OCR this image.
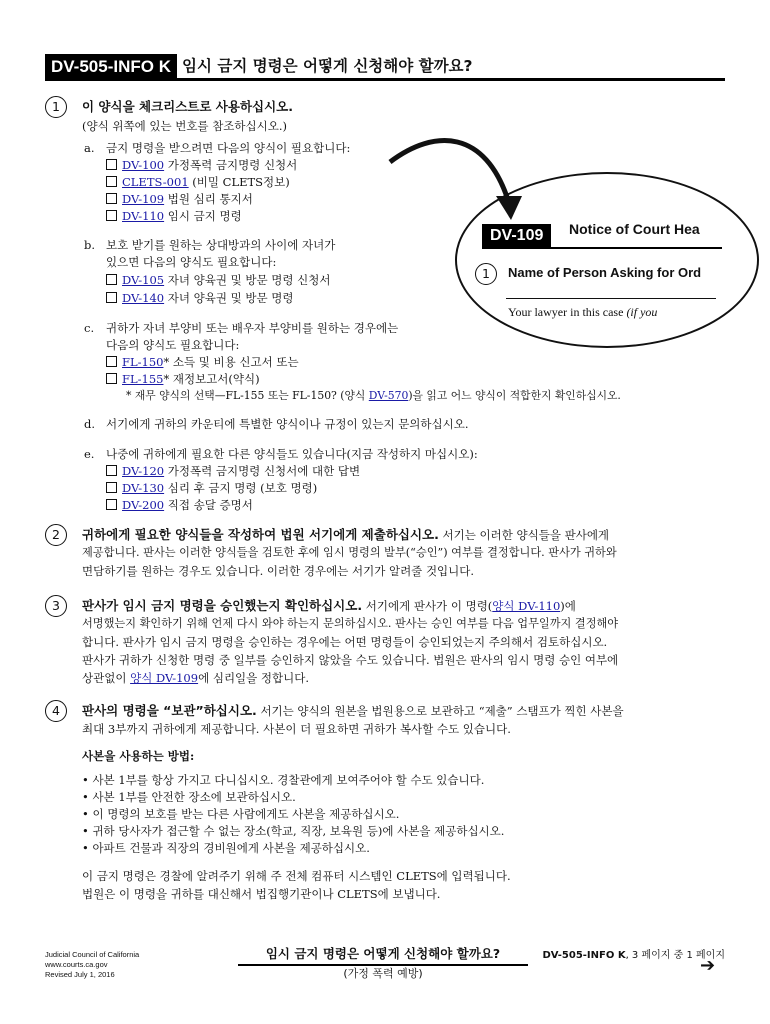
DV-505-INFO K 임시 금지 명령은 어떻게 신청해야 할까요?
1	이 양식을 체크리스트로 사용하십시오.
(양식 위쪽에 있는 번호를 참조하십시오.)
a. 금지 명령을 받으려면 다음의 양식이 필요합니다:
DV-100 가정폭력 금지명령 신청서
CLETS-001 (비밀 CLETS정보)
DV-109 법원 심리 통지서
DV-110 임시 금지 명령
b. 보호 받기를 원하는 상대방과의 사이에 자녀가
있으면 다음의 양식도 필요합니다:
DV-105 자녀 양육권 및 방문 명령 신청서
DV-140 자녀 양육권 및 방문 명령
DV-109	Notice of Court Hea
1	Name of Person Asking for Ord
Your lawyer in this case (if you
c. 귀하가 자녀 부양비 또는 배우자 부양비를 원하는 경우에는
다음의 양식도 필요합니다:
FL-150* 소득 및 비용 신고서 또는
FL-155* 재정보고서(약식)
* 재무 양식의 선택—FL-155 또는 FL-150? (양식 DV-570)을 읽고 어느 양식이 적합한지 확인하십시오.
d. 서기에게 귀하의 카운티에 특별한 양식이나 규정이 있는지 문의하십시오.
e. 나중에 귀하에게 필요한 다른 양식들도 있습니다(지금 작성하지 마십시오):
DV-120 가정폭력 금지명령 신청서에 대한 답변
DV-130 심리 후 금지 명령 (보호 명령)
DV-200 직접 송달 증명서
2	귀하에게 필요한 양식들을 작성하여 법원 서기에게 제출하십시오. 서기는 이러한 양식들을 판사에게
제공합니다. 판사는 이러한 양식들을 검토한 후에 임시 명령의 발부(“승인”) 여부를 결정합니다. 판사가 귀하와
면담하기를 원하는 경우도 있습니다. 이러한 경우에는 서기가 알려줄 것입니다.
3	판사가 임시 금지 명령을 승인했는지 확인하십시오. 서기에게 판사가 이 명령(양식 DV-110)에
서명했는지 확인하기 위해 언제 다시 와야 하는지 문의하십시오. 판사는 승인 여부를 다음 업무일까지 결정해야
합니다. 판사가 임시 금지 명령을 승인하는 경우에는 어떤 명령들이 승인되었는지 주의해서 검토하십시오.
판사가 귀하가 신청한 명령 중 일부를 승인하지 않았을 수도 있습니다. 법원은 판사의 임시 명령 승인 여부에
상관없이 양식 DV-109에 심리일을 정합니다.
4	판사의 명령을 “보관”하십시오. 서기는 양식의 원본을 법원용으로 보관하고 “제출” 스탬프가 찍힌 사본을
최대 3부까지 귀하에게 제공합니다. 사본이 더 필요하면 귀하가 복사할 수도 있습니다.
사본을 사용하는 방법:
• 사본 1부를 항상 가지고 다니십시오. 경찰관에게 보여주어야 할 수도 있습니다.
• 사본 1부를 안전한 장소에 보관하십시오.
• 이 명령의 보호를 받는 다른 사람에게도 사본을 제공하십시오.
• 귀하 당사자가 접근할 수 없는 장소(학교, 직장, 보육원 등)에 사본을 제공하십시오.
• 아파트 건물과 직장의 경비원에게 사본을 제공하십시오.
이 금지 명령은 경찰에 알려주기 위해 주 전체 컴퓨터 시스템인 CLETS에 입력됩니다.
법원은 이 명령을 귀하를 대신해서 법집행기관이나 CLETS에 보냅니다.
Judicial Council of California
www.courts.ca.gov
Revised July 1, 2016
임시 금지 명령은 어떻게 신청해야 할까요?
(가정 폭력 예방)
DV-505-INFO K, 3 페이지 중 1 페이지
➔
